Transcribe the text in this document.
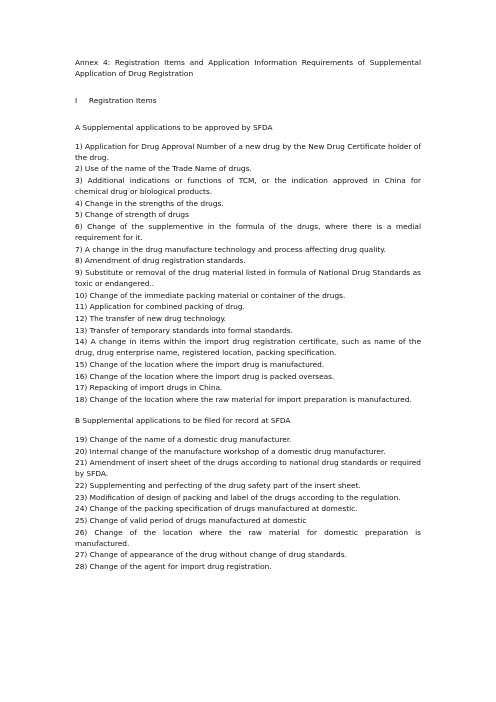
Annex 4: Registration Items and Application Information Requirements of Supplemental Application of Drug Registration

I     Registration Items

A Supplemental applications to be approved by SFDA

1) Application for Drug Approval Number of a new drug by the New Drug Certificate holder of the drug.
2) Use of the name of the Trade Name of drugs.
3) Additional indications or functions of TCM, or the indication approved in China for chemical drug or biological products.
4) Change in the strengths of the drugs.
5) Change of strength of drugs
6) Change of the supplementive in the formula of the drugs, where there is a medial requirement for it.
7) A change in the drug manufacture technology and process affecting drug quality.
8) Amendment of drug registration standards.
9) Substitute or removal of the drug material listed in formula of National Drug Standards as toxic or endangered..
10) Change of the immediate packing material or container of the drugs.
11) Application for combined packing of drug.
12) The transfer of new drug technology.
13) Transfer of temporary standards into formal standards.
14) A change in items within the import drug registration certificate, such as name of the drug, drug enterprise name, registered location, packing specification.
15) Change of the location where the import drug is manufactured.
16) Change of the location where the import drug is packed overseas.
17) Repacking of import drugs in China.
18) Change of the location where the raw material for import preparation is manufactured.

B Supplemental applications to be filed for record at SFDA

19) Change of the name of a domestic drug manufacturer.
20) Internal change of the manufacture workshop of a domestic drug manufacturer.
21) Amendment of insert sheet of the drugs according to national drug standards or required by SFDA.
22) Supplementing and perfecting of the drug safety part of the insert sheet.
23) Modification of design of packing and label of the drugs according to the regulation.
24) Change of the packing specification of drugs manufactured at domestic.
25) Change of valid period of drugs manufactured at domestic
26) Change of the location where the raw material for domestic preparation is manufactured.
27) Change of appearance of the drug without change of drug standards.
28) Change of the agent for import drug registration.
